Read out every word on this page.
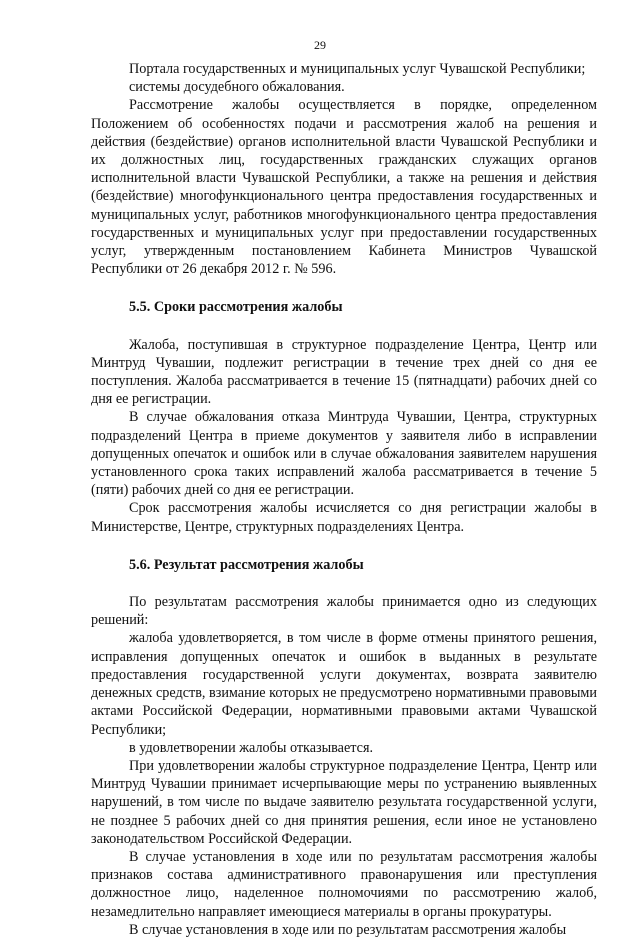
29

Портала государственных и муниципальных услуг Чувашской Республики;

системы досудебного обжалования.

Рассмотрение жалобы осуществляется в порядке, определенном Положением об особенностях подачи и рассмотрения жалоб на решения и действия (бездействие) органов исполнительной власти Чувашской Республики и их должностных лиц, государственных гражданских служащих органов исполнительной власти Чувашской Республики, а также на решения и действия (бездействие) многофункционального центра предоставления государственных и муниципальных услуг, работников многофункционального центра предоставления государственных и муниципальных услуг при предоставлении государственных услуг, утвержденным постановлением Кабинета Министров Чувашской Республики от 26 декабря 2012 г. № 596.

5.5. Сроки рассмотрения жалобы

Жалоба, поступившая в структурное подразделение Центра, Центр или Минтруд Чувашии, подлежит регистрации в течение трех дней со дня ее поступления. Жалоба рассматривается в течение 15 (пятнадцати) рабочих дней со дня ее регистрации.

В случае обжалования отказа Минтруда Чувашии, Центра, структурных подразделений Центра в приеме документов у заявителя либо в исправлении допущенных опечаток и ошибок или в случае обжалования заявителем нарушения установленного срока таких исправлений жалоба рассматривается в течение 5 (пяти) рабочих дней со дня ее регистрации.

Срок рассмотрения жалобы исчисляется со дня регистрации жалобы в Министерстве, Центре, структурных подразделениях Центра.

5.6. Результат рассмотрения жалобы

По результатам рассмотрения жалобы принимается одно из следующих решений:

жалоба удовлетворяется, в том числе в форме отмены принятого решения, исправления допущенных опечаток и ошибок в выданных в результате предоставления государственной услуги документах, возврата заявителю денежных средств, взимание которых не предусмотрено нормативными правовыми актами Российской Федерации, нормативными правовыми актами Чувашской Республики;

в удовлетворении жалобы отказывается.

При удовлетворении жалобы структурное подразделение Центра, Центр или Минтруд Чувашии принимает исчерпывающие меры по устранению выявленных нарушений, в том числе по выдаче заявителю результата государственной услуги, не позднее 5 рабочих дней со дня принятия решения, если иное не установлено законодательством Российской Федерации.

В случае установления в ходе или по результатам рассмотрения жалобы признаков состава административного правонарушения или преступления должностное лицо, наделенное полномочиями по рассмотрению жалоб, незамедлительно направляет имеющиеся материалы в органы прокуратуры.

В случае установления в ходе или по результатам рассмотрения жалобы
